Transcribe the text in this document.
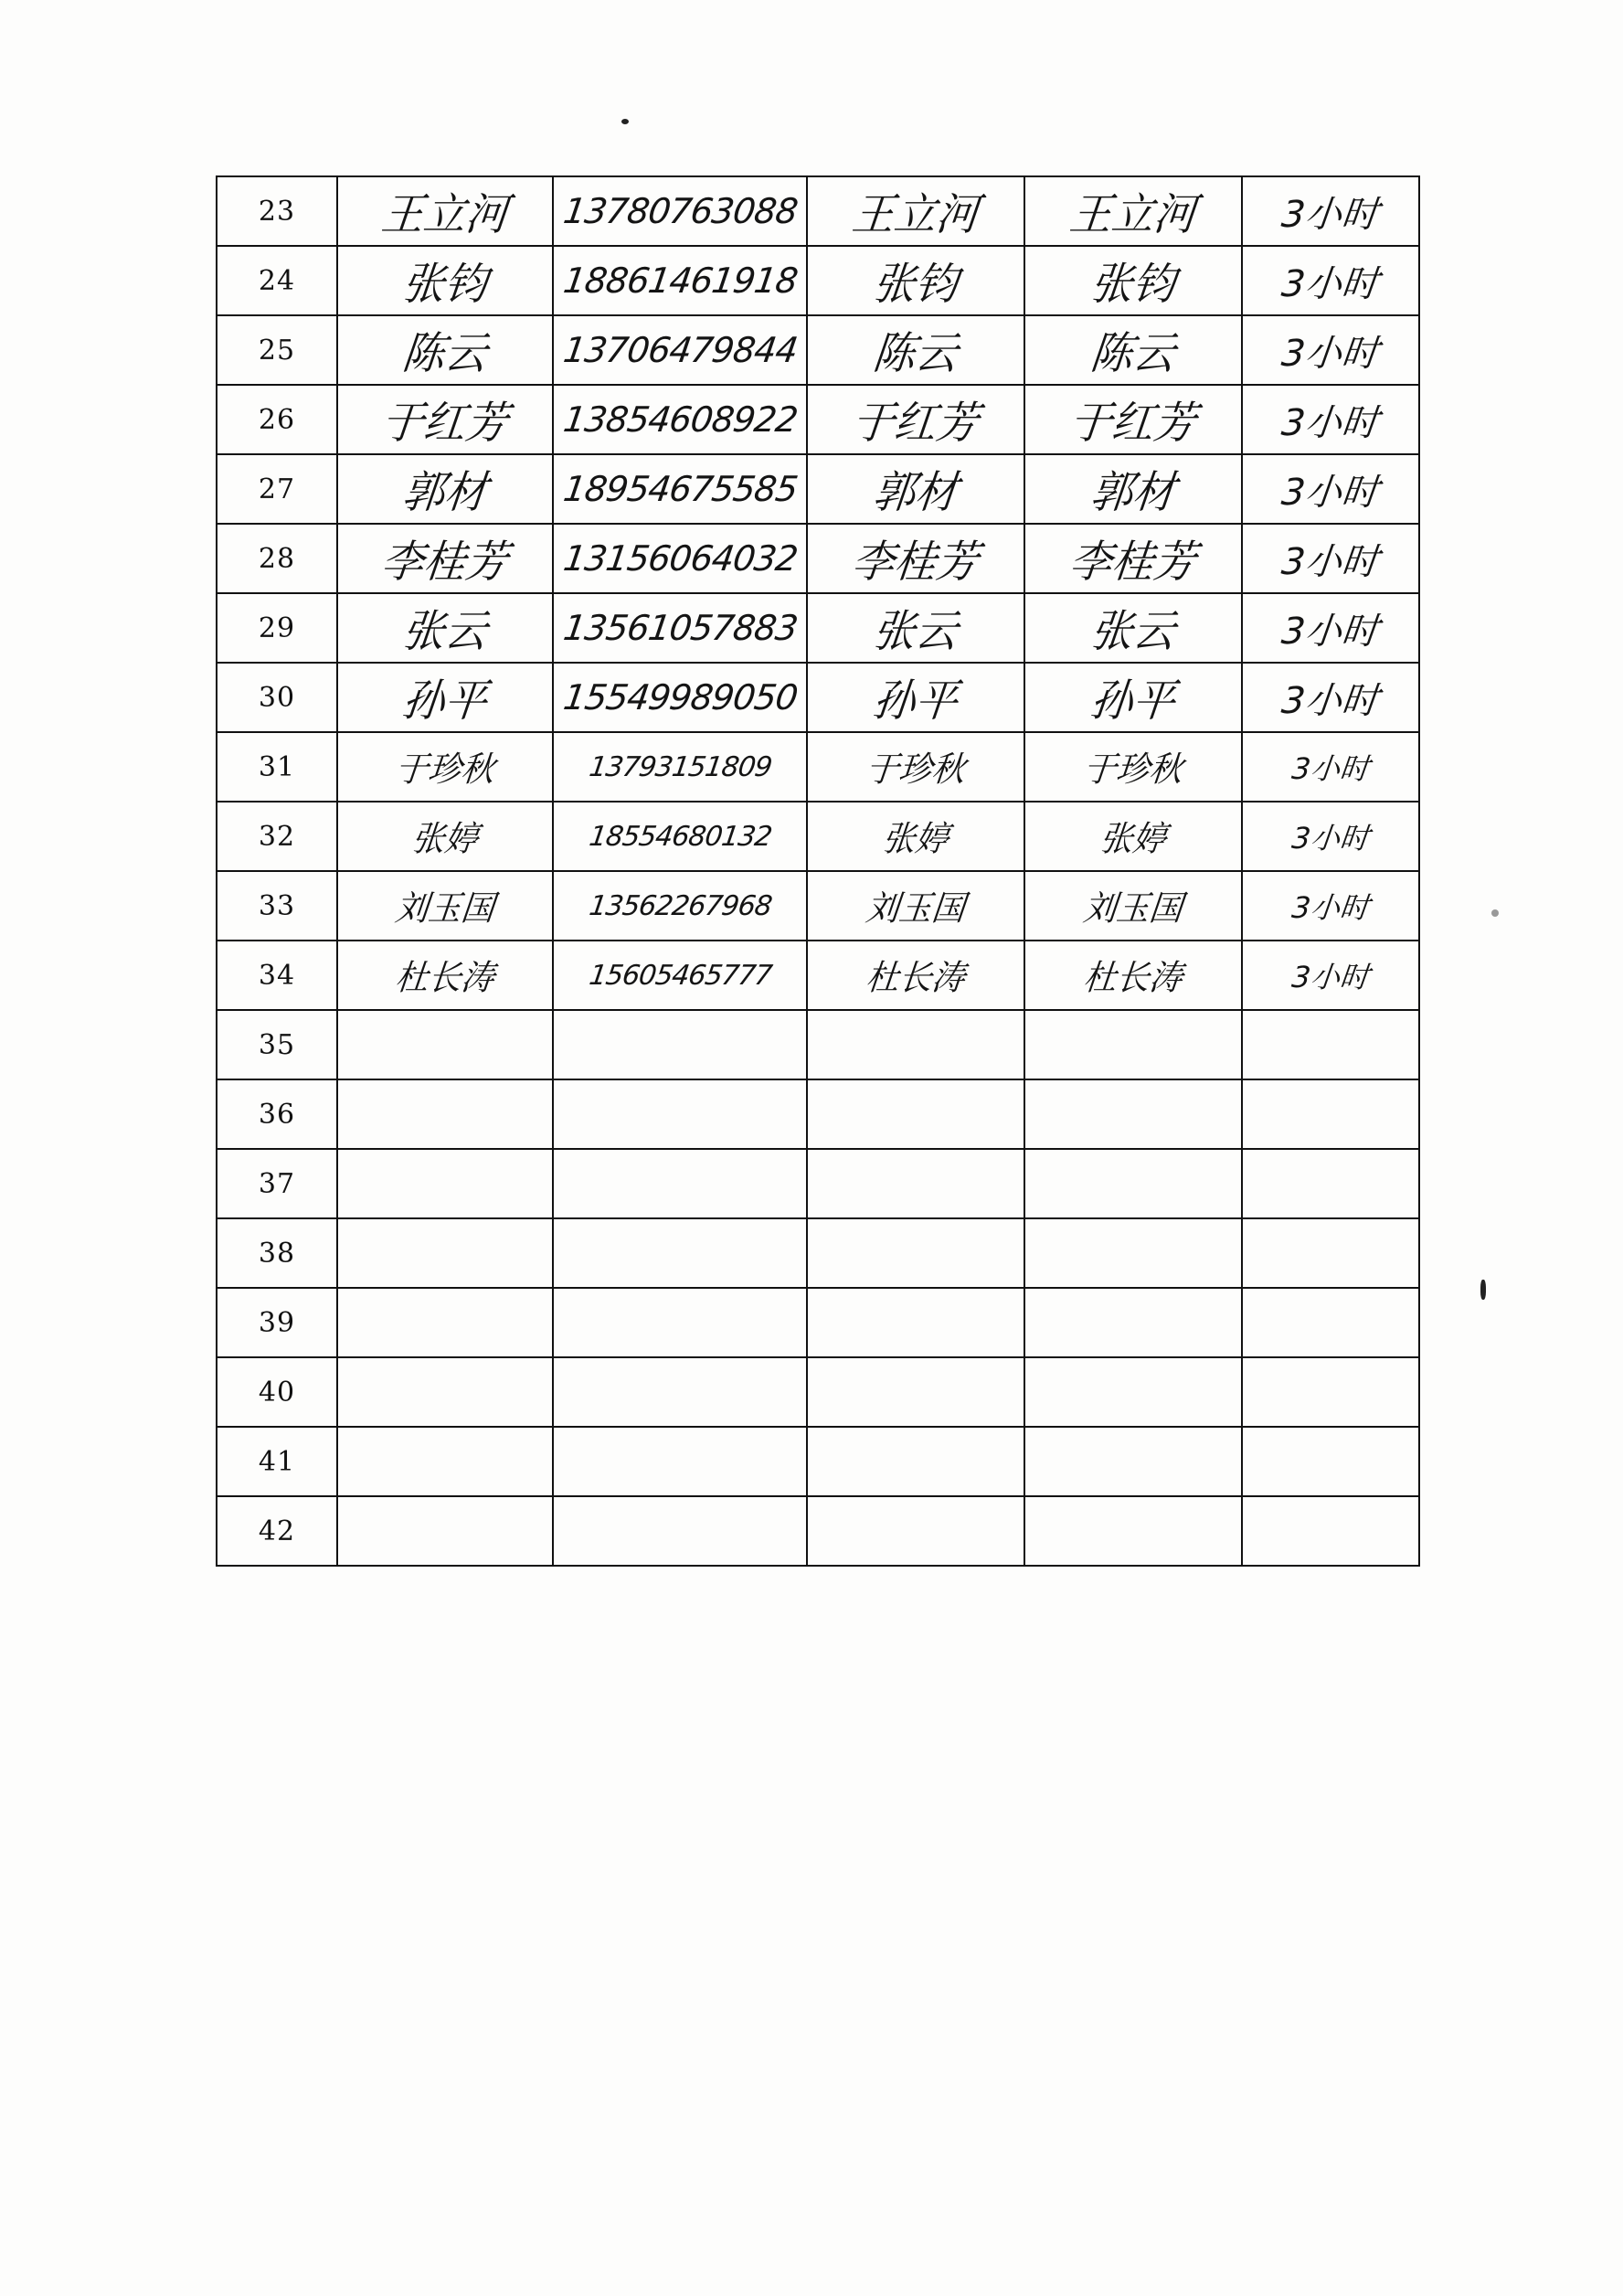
23	王立河	13780763088	王立河	王立河	3小时
24	张钧	18861461918	张钧	张钧	3小时
25	陈云	13706479844	陈云	陈云	3小时
26	于红芳	13854608922	于红芳	于红芳	3小时
27	郭材	18954675585	郭材	郭材	3小时
28	李桂芳	13156064032	李桂芳	李桂芳	3小时
29	张云	13561057883	张云	张云	3小时
30	孙平	15549989050	孙平	孙平	3小时
31	于珍秋	13793151809	于珍秋	于珍秋	3小时
32	张婷	18554680132	张婷	张婷	3小时
33	刘玉国	13562267968	刘玉国	刘玉国	3小时
34	杜长涛	15605465777	杜长涛	杜长涛	3小时
35					
36					
37					
38					
39					
40					
41					
42					
